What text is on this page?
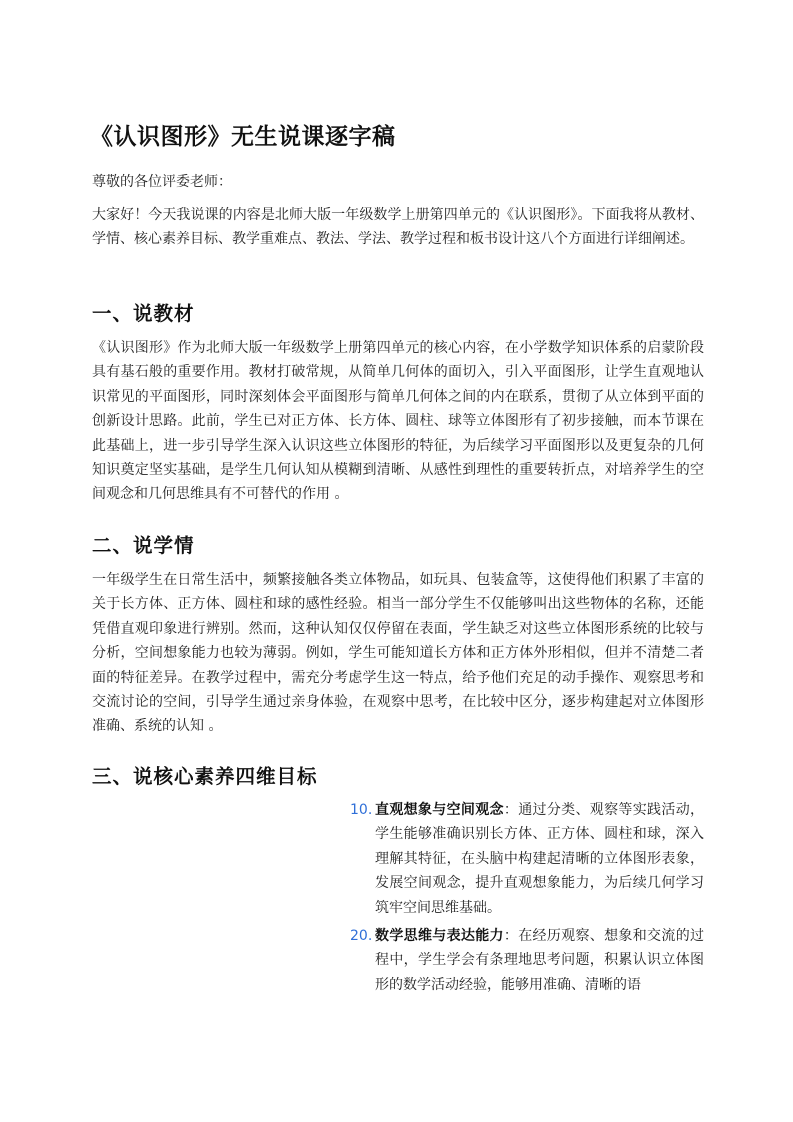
《认识图形》无生说课逐字稿

尊敬的各位评委老师：

大家好！今天我说课的内容是北师大版一年级数学上册第四单元的《认识图形》。下面我将从教材、学情、核心素养目标、教学重难点、教法、学法、教学过程和板书设计这八个方面进行详细阐述。

一、说教材

《认识图形》作为北师大版一年级数学上册第四单元的核心内容，在小学数学知识体系的启蒙阶段具有基石般的重要作用。教材打破常规，从简单几何体的面切入，引入平面图形，让学生直观地认识常见的平面图形，同时深刻体会平面图形与简单几何体之间的内在联系，贯彻了从立体到平面的创新设计思路。此前，学生已对正方体、长方体、圆柱、球等立体图形有了初步接触，而本节课在此基础上，进一步引导学生深入认识这些立体图形的特征，为后续学习平面图形以及更复杂的几何知识奠定坚实基础，是学生几何认知从模糊到清晰、从感性到理性的重要转折点，对培养学生的空间观念和几何思维具有不可替代的作用 。

二、说学情

一年级学生在日常生活中，频繁接触各类立体物品，如玩具、包装盒等，这使得他们积累了丰富的关于长方体、正方体、圆柱和球的感性经验。相当一部分学生不仅能够叫出这些物体的名称，还能凭借直观印象进行辨别。然而，这种认知仅仅停留在表面，学生缺乏对这些立体图形系统的比较与分析，空间想象能力也较为薄弱。例如，学生可能知道长方体和正方体外形相似，但并不清楚二者面的特征差异。在教学过程中，需充分考虑学生这一特点，给予他们充足的动手操作、观察思考和交流讨论的空间，引导学生通过亲身体验，在观察中思考，在比较中区分，逐步构建起对立体图形准确、系统的认知 。

三、说核心素养四维目标
10. 直观想象与空间观念：通过分类、观察等实践活动，学生能够准确识别长方体、正方体、圆柱和球，深入理解其特征，在头脑中构建起清晰的立体图形表象，发展空间观念，提升直观想象能力，为后续几何学习筑牢空间思维基础。
20. 数学思维与表达能力：在经历观察、想象和交流的过程中，学生学会有条理地思考问题，积累认识立体图形的数学活动经验，能够用准确、清晰的语
